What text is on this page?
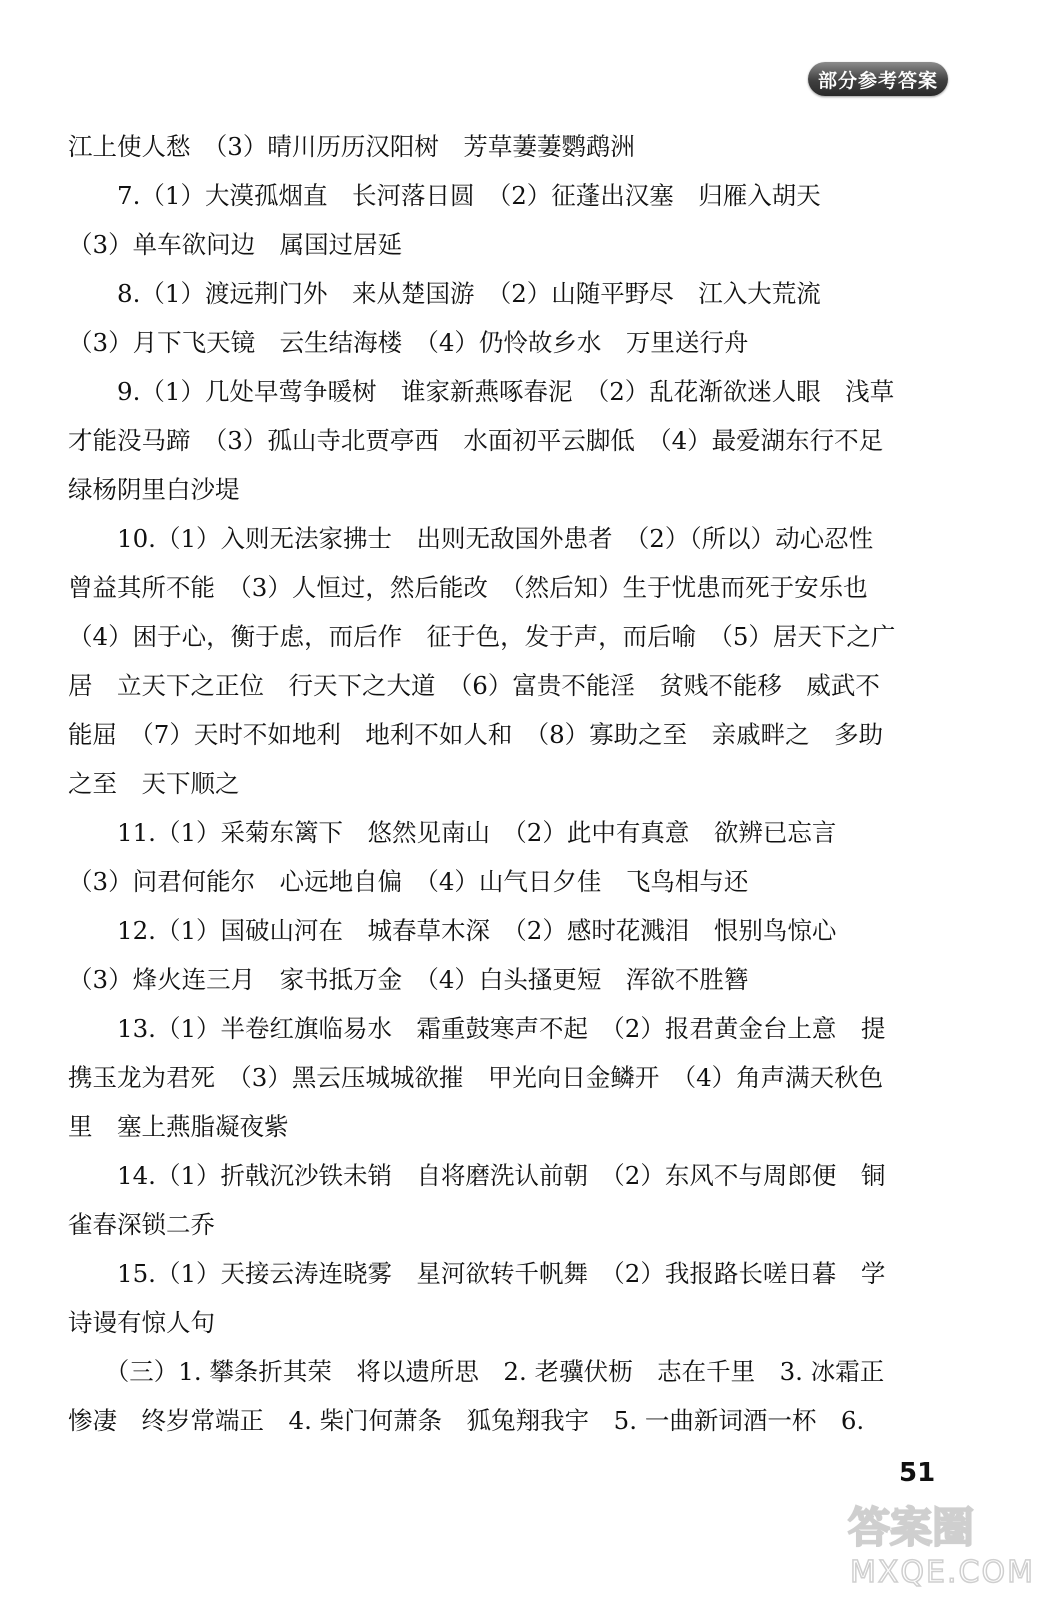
部分参考答案
江上使人愁　（3）晴川历历汉阳树　芳草萋萋鹦鹉洲
　　7.（1）大漠孤烟直　长河落日圆　（2）征蓬出汉塞　归雁入胡天
（3）单车欲问边　属国过居延
　　8.（1）渡远荆门外　来从楚国游　（2）山随平野尽　江入大荒流
（3）月下飞天镜　云生结海楼　（4）仍怜故乡水　万里送行舟
　　9.（1）几处早莺争暖树　谁家新燕啄春泥　（2）乱花渐欲迷人眼　浅草
才能没马蹄　（3）孤山寺北贾亭西　水面初平云脚低　（4）最爱湖东行不足
绿杨阴里白沙堤
　　10.（1）入则无法家拂士　出则无敌国外患者　（2）（所以）动心忍性
曾益其所不能　（3）人恒过，然后能改　（然后知）生于忧患而死于安乐也
（4）困于心，衡于虑，而后作　征于色，发于声，而后喻　（5）居天下之广
居　立天下之正位　行天下之大道　（6）富贵不能淫　贫贱不能移　威武不
能屈　（7）天时不如地利　地利不如人和　（8）寡助之至　亲戚畔之　多助
之至　天下顺之
　　11.（1）采菊东篱下　悠然见南山　（2）此中有真意　欲辨已忘言
（3）问君何能尔　心远地自偏　（4）山气日夕佳　飞鸟相与还
　　12.（1）国破山河在　城春草木深　（2）感时花溅泪　恨别鸟惊心
（3）烽火连三月　家书抵万金　（4）白头搔更短　浑欲不胜簪
　　13.（1）半卷红旗临易水　霜重鼓寒声不起　（2）报君黄金台上意　提
携玉龙为君死　（3）黑云压城城欲摧　甲光向日金鳞开　（4）角声满天秋色
里　塞上燕脂凝夜紫
　　14.（1）折戟沉沙铁未销　自将磨洗认前朝　（2）东风不与周郎便　铜
雀春深锁二乔
　　15.（1）天接云涛连晓雾　星河欲转千帆舞　（2）我报路长嗟日暮　学
诗谩有惊人句
　　（三）1. 攀条折其荣　将以遗所思　2. 老骥伏枥　志在千里　3. 冰霜正
惨凄　终岁常端正　4. 柴门何萧条　狐兔翔我宇　5. 一曲新词酒一杯　6.
51
答案圈
MXQE.COM
